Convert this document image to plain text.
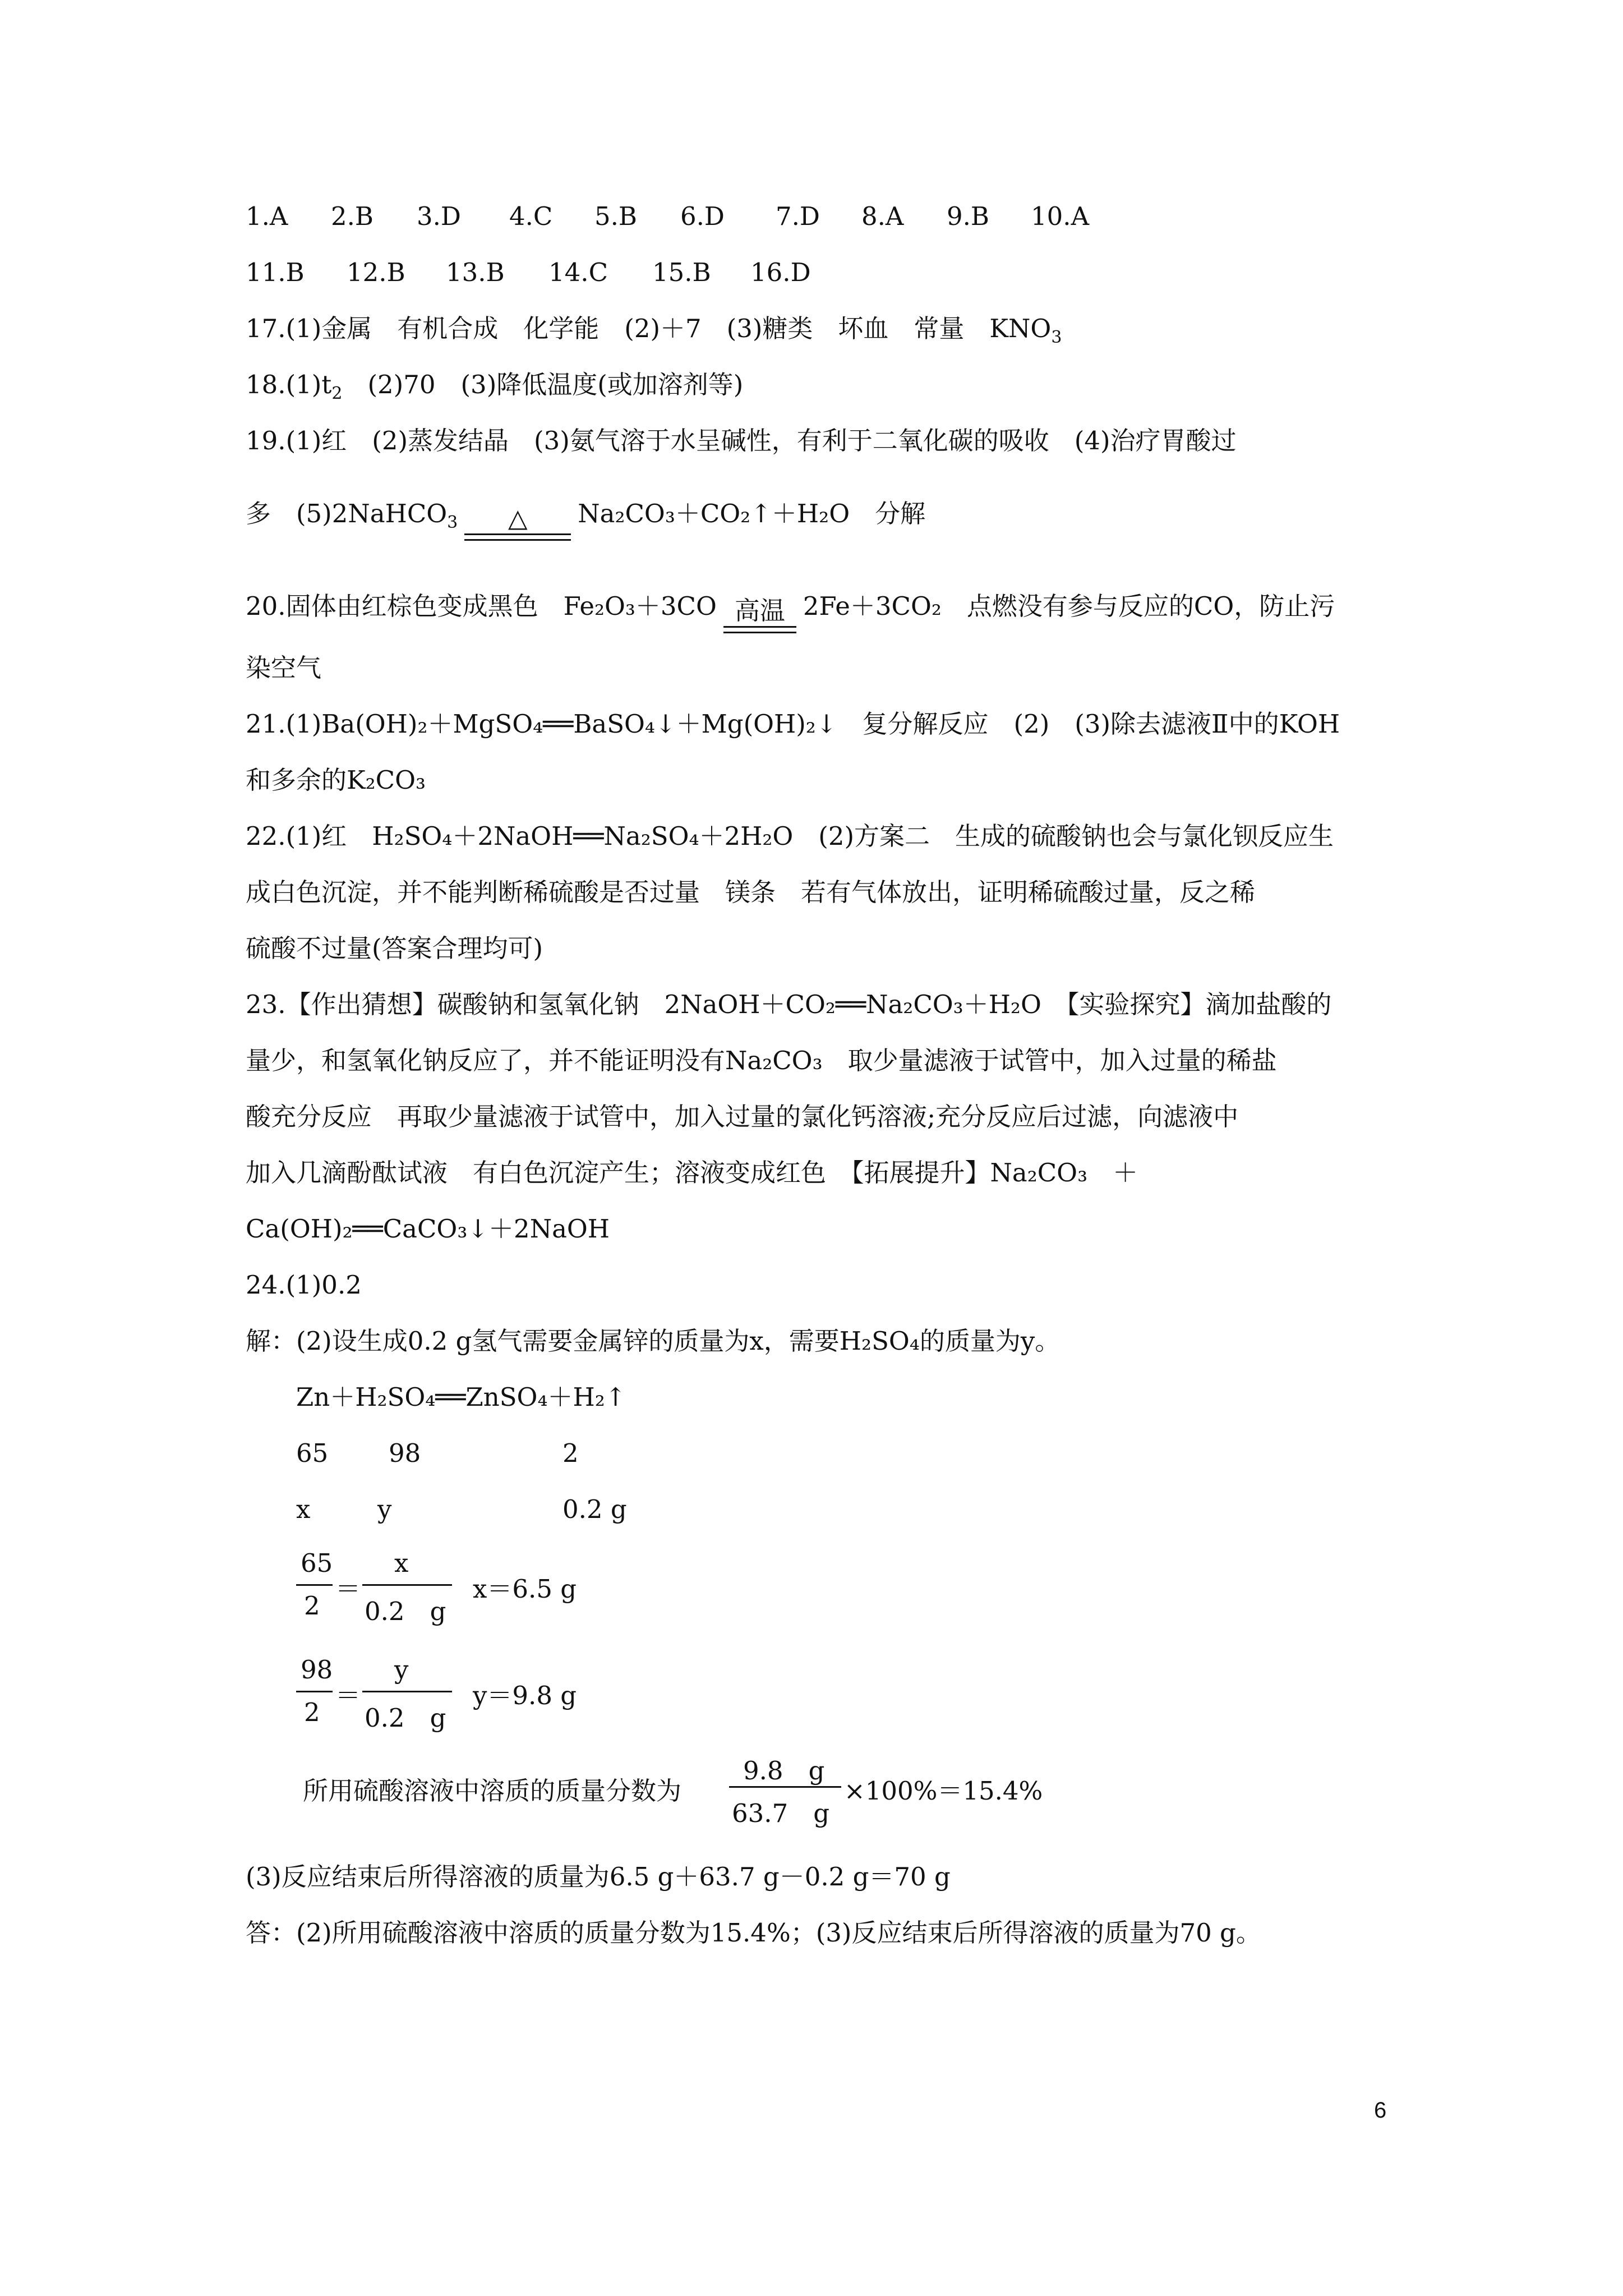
1.A 2.B 3.D 4.C 5.B 6.D 7.D 8.A 9.B 10.A
11.B 12.B 13.B 14.C 15.B 16.D
17.(1)金属　有机合成　化学能　(2)＋7　(3)糖类　坏血　常量　$KNO_3$
$18.(1)t_2$　(2)70　(3)降低温度(或加溶剂等)
19.(1)红　(2)蒸发结晶　(3)氨气溶于水呈碱性，有利于二氧化碳的吸收　(4)治疗胃酸过
多　(5)2NaHCO$_3$	△	Na₂CO₃＋CO₂↑＋H₂O　分解
20.固体由红棕色变成黑色　Fe₂O₃＋3CO 高温 2Fe＋3CO₂　点燃没有参与反应的CO，防止污
染空气
21.(1)Ba(OH)₂＋MgSO₄══BaSO₄↓＋Mg(OH)₂↓　复分解反应　(2)　(3)除去滤液Ⅱ中的KOH
和多余的K₂CO₃
22.(1)红　H₂SO₄＋2NaOH══Na₂SO₄＋2H₂O　(2)方案二　生成的硫酸钠也会与氯化钡反应生
成白色沉淀，并不能判断稀硫酸是否过量　镁条　若有气体放出，证明稀硫酸过量，反之稀
硫酸不过量(答案合理均可)
23.【作出猜想】碳酸钠和氢氧化钠　2NaOH＋CO₂══Na₂CO₃＋H₂O　【实验探究】滴加盐酸的
量少，和氢氧化钠反应了，并不能证明没有Na₂CO₃　取少量滤液于试管中，加入过量的稀盐
酸充分反应　再取少量滤液于试管中，加入过量的氯化钙溶液;充分反应后过滤，向滤液中
加入几滴酚酞试液　有白色沉淀产生；溶液变成红色　【拓展提升】Na₂CO₃　＋
Ca(OH)₂══CaCO₃↓＋2NaOH
24.(1)0.2
解：(2)设生成0.2 g氢气需要金属锌的质量为x，需要H₂SO₄的质量为y。
Zn＋H₂SO₄══ZnSO₄＋H₂↑
65 98	2
x	y	0.2 g
65
2
＝
x
0.2　g
x＝6.5 g
98
2
＝
y
0.2　g
y＝9.8 g
所用硫酸溶液中溶质的质量分数为
9.8　g
63.7　g
×100%＝15.4%
(3)反应结束后所得溶液的质量为6.5 g＋63.7 g－0.2 g＝70 g
答：(2)所用硫酸溶液中溶质的质量分数为15.4%；(3)反应结束后所得溶液的质量为70 g。
6
